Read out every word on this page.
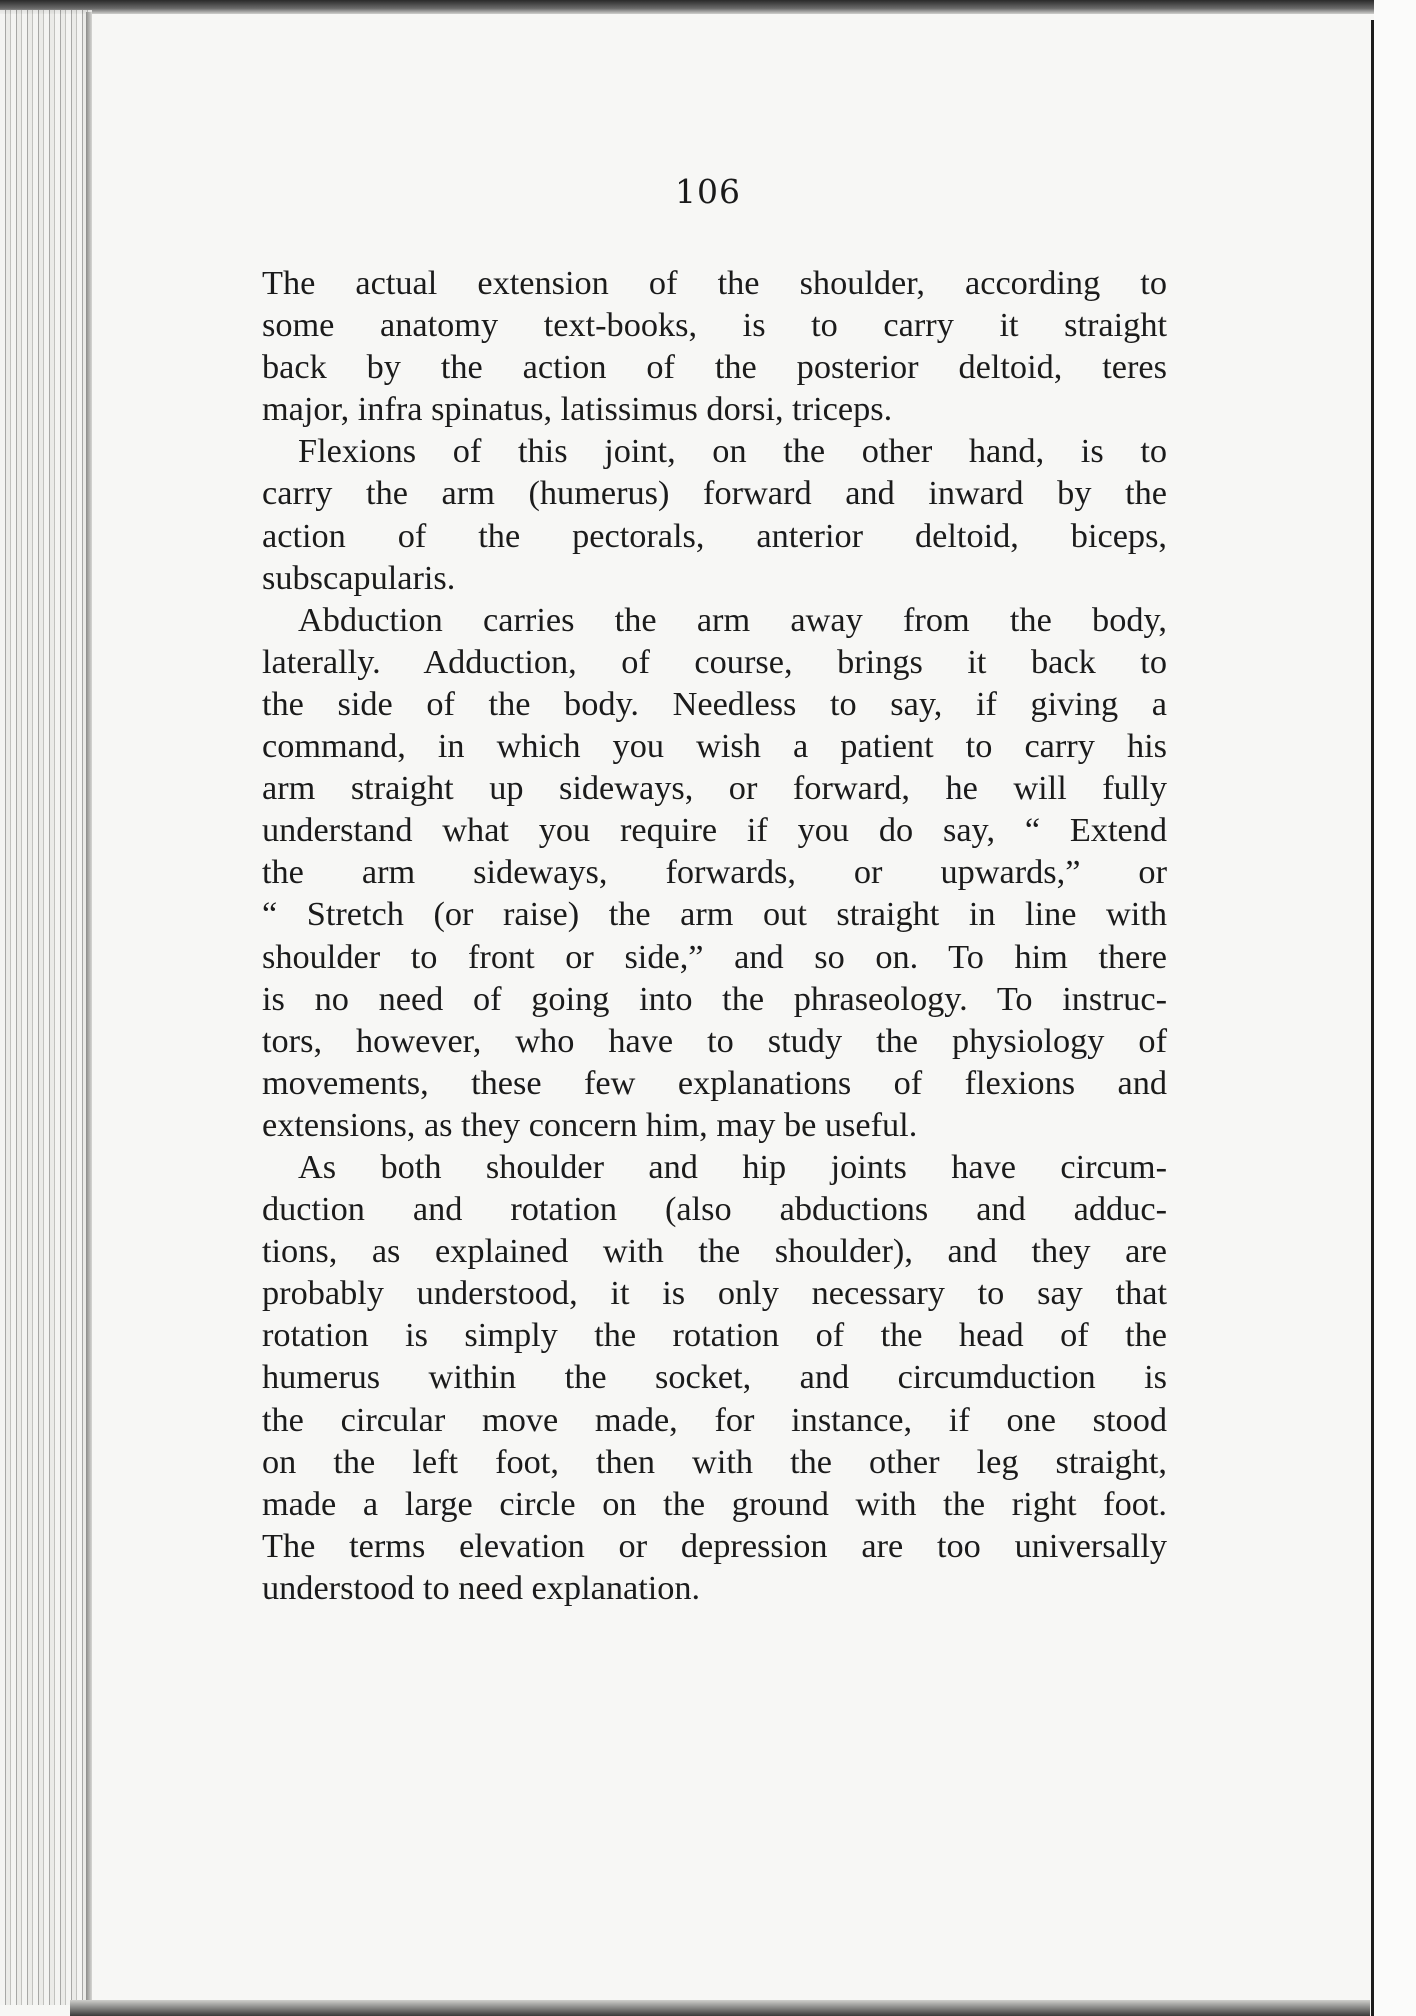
106
The actual extension of the shoulder, according to
some anatomy text-books, is to carry it straight
back by the action of the posterior deltoid, teres
major, infra spinatus, latissimus dorsi, triceps.
Flexions of this joint, on the other hand, is to
carry the arm (humerus) forward and inward by the
action of the pectorals, anterior deltoid, biceps,
subscapularis.
Abduction carries the arm away from the body,
laterally. Adduction, of course, brings it back to
the side of the body. Needless to say, if giving a
command, in which you wish a patient to carry his
arm straight up sideways, or forward, he will fully
understand what you require if you do say, “ Extend
the arm sideways, forwards, or upwards,” or
“ Stretch (or raise) the arm out straight in line with
shoulder to front or side,” and so on. To him there
is no need of going into the phraseology. To instruc-
tors, however, who have to study the physiology of
movements, these few explanations of flexions and
extensions, as they concern him, may be useful.
As both shoulder and hip joints have circum-
duction and rotation (also abductions and adduc-
tions, as explained with the shoulder), and they are
probably understood, it is only necessary to say that
rotation is simply the rotation of the head of the
humerus within the socket, and circumduction is
the circular move made, for instance, if one stood
on the left foot, then with the other leg straight,
made a large circle on the ground with the right foot.
The terms elevation or depression are too universally
understood to need explanation.
